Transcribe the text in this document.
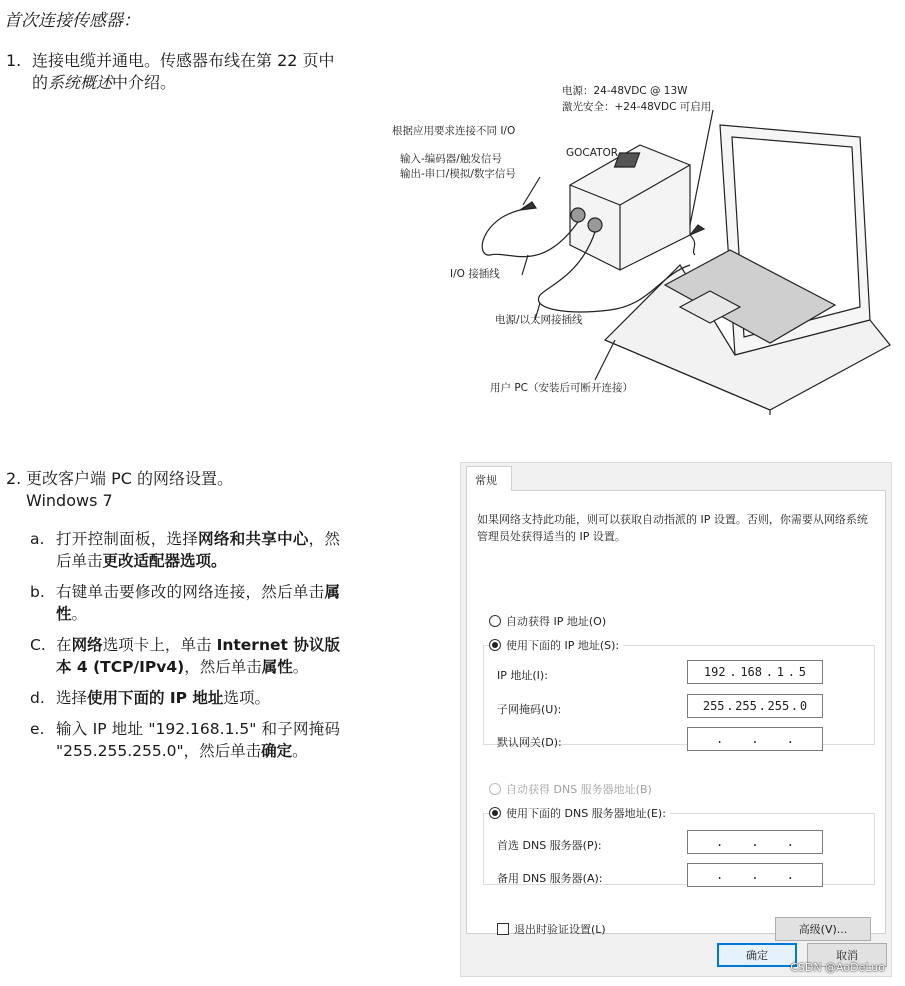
首次连接传感器：
1. 连接电缆并通电。传感器布线在第 22 页中
的系统概述中介绍。	电源：24-48VDC @ 13W
激光安全：+24-48VDC 可启用
根据应用要求连接不同 I/O
输入-编码器/触发信号
输出-串口/模拟/数字信号
GOCATOR
I/O 接插线
电源/以太网接插线
用户 PC（安装后可断开连接）
2. 更改客户端 PC 的网络设置。
Windows 7
a. 打开控制面板，选择网络和共享中心，然后单击更改适配器选项。
b. 右键单击要修改的网络连接，然后单击属性。
C. 在网络选项卡上，单击 Internet 协议版本 4 (TCP/IPv4)，然后单击属性。
d. 选择使用下面的 IP 地址选项。
e. 输入 IP 地址 "192.168.1.5" 和子网掩码 "255.255.255.0"，然后单击确定。
常规
如果网络支持此功能，则可以获取自动指派的 IP 设置。否则，你需要从网络系统管理员处获得适当的 IP 设置。
自动获得 IP 地址(O)
使用下面的 IP 地址(S):
IP 地址(I):	192 . 168 . 1 . 5
子网掩码(U):	255 . 255 . 255 . 0
默认网关(D):	. . .
自动获得 DNS 服务器地址(B)
使用下面的 DNS 服务器地址(E):
首选 DNS 服务器(P):	. . .
备用 DNS 服务器(A):	. . .
退出时验证设置(L)	高级(V)...
确定	取消
CSDN @AoDeLuo
